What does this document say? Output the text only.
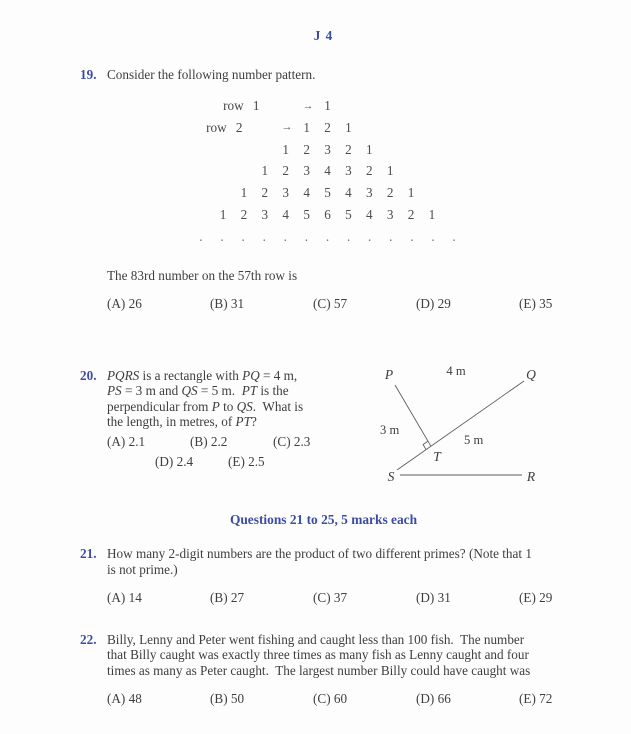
J 4
19. Consider the following number pattern.

row 1	→ 1
row 2	→ 1 2 1
1 2 3 2 1
1 2 3 4 3 2 1
1 2 3 4 5 4 3 2 1
1 2 3 4 5 6 5 4 3 2 1
. . . . . . . . . . . . .

The 83rd number on the 57th row is

(A) 26	(B) 31	(C) 57	(D) 29	(E) 35
20. PQRS is a rectangle with PQ = 4 m,
PS = 3 m and QS = 5 m.  PT is the
perpendicular from P to QS.  What is
the length, in metres, of PT?
(A) 2.1	(B) 2.2	(C) 2.3
(D) 2.4	(E) 2.5
P	Q
S	R
T
4 m
3 m
5 m
Questions 21 to 25, 5 marks each
21. How many 2-digit numbers are the product of two different primes? (Note that 1
is not prime.)
(A) 14	(B) 27	(C) 37	(D) 31	(E) 29
22. Billy, Lenny and Peter went fishing and caught less than 100 fish.  The number
that Billy caught was exactly three times as many fish as Lenny caught and four
times as many as Peter caught.  The largest number Billy could have caught was
(A) 48	(B) 50	(C) 60	(D) 66	(E) 72
